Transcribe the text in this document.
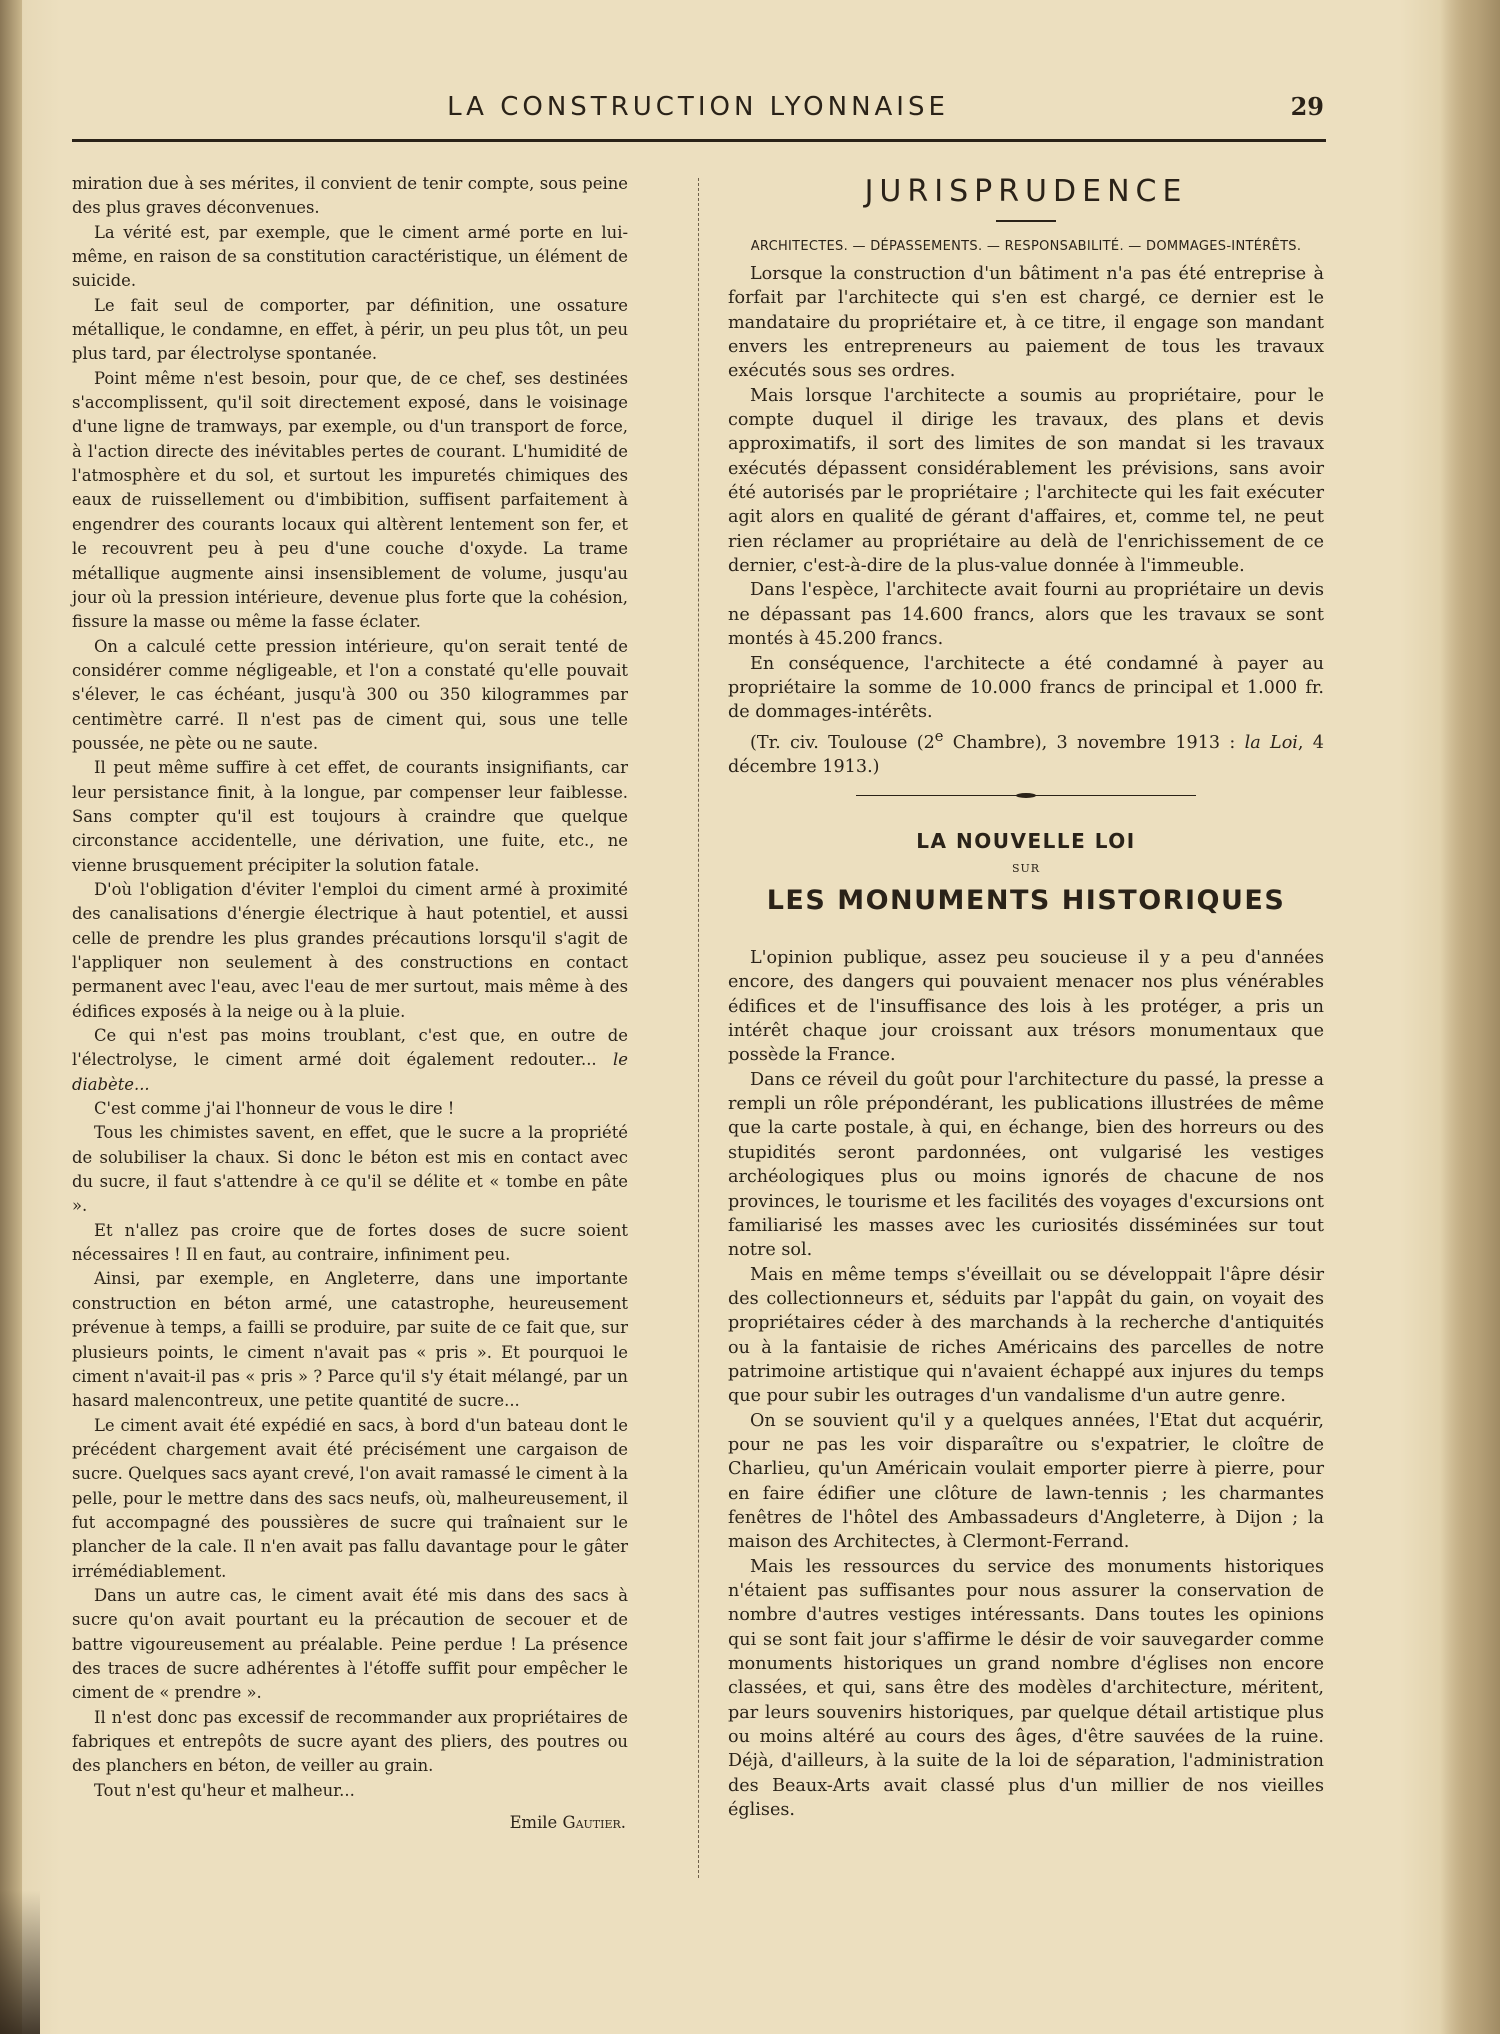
LA CONSTRUCTION LYONNAISE	29

miration due à ses mérites, il convient de tenir compte, sous peine des plus graves déconvenues.

La vérité est, par exemple, que le ciment armé porte en lui-même, en raison de sa constitution caractéristique, un élément de suicide.

Le fait seul de comporter, par définition, une ossature métallique, le condamne, en effet, à périr, un peu plus tôt, un peu plus tard, par électrolyse spontanée.

Point même n'est besoin, pour que, de ce chef, ses destinées s'accomplissent, qu'il soit directement exposé, dans le voisinage d'une ligne de tramways, par exemple, ou d'un transport de force, à l'action directe des inévitables pertes de courant. L'humidité de l'atmosphère et du sol, et surtout les impuretés chimiques des eaux de ruissellement ou d'imbibition, suffisent parfaitement à engendrer des courants locaux qui altèrent lentement son fer, et le recouvrent peu à peu d'une couche d'oxyde. La trame métallique augmente ainsi insensiblement de volume, jusqu'au jour où la pression intérieure, devenue plus forte que la cohésion, fissure la masse ou même la fasse éclater.

On a calculé cette pression intérieure, qu'on serait tenté de considérer comme négligeable, et l'on a constaté qu'elle pouvait s'élever, le cas échéant, jusqu'à 300 ou 350 kilogrammes par centimètre carré. Il n'est pas de ciment qui, sous une telle poussée, ne pète ou ne saute.

Il peut même suffire à cet effet, de courants insignifiants, car leur persistance finit, à la longue, par compenser leur faiblesse. Sans compter qu'il est toujours à craindre que quelque circonstance accidentelle, une dérivation, une fuite, etc., ne vienne brusquement précipiter la solution fatale.

D'où l'obligation d'éviter l'emploi du ciment armé à proximité des canalisations d'énergie électrique à haut potentiel, et aussi celle de prendre les plus grandes précautions lorsqu'il s'agit de l'appliquer non seulement à des constructions en contact permanent avec l'eau, avec l'eau de mer surtout, mais même à des édifices exposés à la neige ou à la pluie.

Ce qui n'est pas moins troublant, c'est que, en outre de l'électrolyse, le ciment armé doit également redouter... le diabète...

C'est comme j'ai l'honneur de vous le dire !

Tous les chimistes savent, en effet, que le sucre a la propriété de solubiliser la chaux. Si donc le béton est mis en contact avec du sucre, il faut s'attendre à ce qu'il se délite et « tombe en pâte ».

Et n'allez pas croire que de fortes doses de sucre soient nécessaires ! Il en faut, au contraire, infiniment peu.

Ainsi, par exemple, en Angleterre, dans une importante construction en béton armé, une catastrophe, heureusement prévenue à temps, a failli se produire, par suite de ce fait que, sur plusieurs points, le ciment n'avait pas « pris ». Et pourquoi le ciment n'avait-il pas « pris » ? Parce qu'il s'y était mélangé, par un hasard malencontreux, une petite quantité de sucre...

Le ciment avait été expédié en sacs, à bord d'un bateau dont le précédent chargement avait été précisément une cargaison de sucre. Quelques sacs ayant crevé, l'on avait ramassé le ciment à la pelle, pour le mettre dans des sacs neufs, où, malheureusement, il fut accompagné des poussières de sucre qui traînaient sur le plancher de la cale. Il n'en avait pas fallu davantage pour le gâter irrémédiablement.

Dans un autre cas, le ciment avait été mis dans des sacs à sucre qu'on avait pourtant eu la précaution de secouer et de battre vigoureusement au préalable. Peine perdue ! La présence des traces de sucre adhérentes à l'étoffe suffit pour empêcher le ciment de « prendre ».

Il n'est donc pas excessif de recommander aux propriétaires de fabriques et entrepôts de sucre ayant des pliers, des poutres ou des planchers en béton, de veiller au grain.

Tout n'est qu'heur et malheur...

Emile Gautier.

JURISPRUDENCE

ARCHITECTES. — DÉPASSEMENTS. — RESPONSABILITÉ. — DOMMAGES-INTÉRÊTS.

Lorsque la construction d'un bâtiment n'a pas été entreprise à forfait par l'architecte qui s'en est chargé, ce dernier est le mandataire du propriétaire et, à ce titre, il engage son mandant envers les entrepreneurs au paiement de tous les travaux exécutés sous ses ordres.

Mais lorsque l'architecte a soumis au propriétaire, pour le compte duquel il dirige les travaux, des plans et devis approximatifs, il sort des limites de son mandat si les travaux exécutés dépassent considérablement les prévisions, sans avoir été autorisés par le propriétaire ; l'architecte qui les fait exécuter agit alors en qualité de gérant d'affaires, et, comme tel, ne peut rien réclamer au propriétaire au delà de l'enrichissement de ce dernier, c'est-à-dire de la plus-value donnée à l'immeuble.

Dans l'espèce, l'architecte avait fourni au propriétaire un devis ne dépassant pas 14.600 francs, alors que les travaux se sont montés à 45.200 francs.

En conséquence, l'architecte a été condamné à payer au propriétaire la somme de 10.000 francs de principal et 1.000 fr. de dommages-intérêts.

(Tr. civ. Toulouse (2e Chambre), 3 novembre 1913 : la Loi, 4 décembre 1913.)

LA NOUVELLE LOI

SUR

LES MONUMENTS HISTORIQUES

L'opinion publique, assez peu soucieuse il y a peu d'années encore, des dangers qui pouvaient menacer nos plus vénérables édifices et de l'insuffisance des lois à les protéger, a pris un intérêt chaque jour croissant aux trésors monumentaux que possède la France.

Dans ce réveil du goût pour l'architecture du passé, la presse a rempli un rôle prépondérant, les publications illustrées de même que la carte postale, à qui, en échange, bien des horreurs ou des stupidités seront pardonnées, ont vulgarisé les vestiges archéologiques plus ou moins ignorés de chacune de nos provinces, le tourisme et les facilités des voyages d'excursions ont familiarisé les masses avec les curiosités disséminées sur tout notre sol.

Mais en même temps s'éveillait ou se développait l'âpre désir des collectionneurs et, séduits par l'appât du gain, on voyait des propriétaires céder à des marchands à la recherche d'antiquités ou à la fantaisie de riches Américains des parcelles de notre patrimoine artistique qui n'avaient échappé aux injures du temps que pour subir les outrages d'un vandalisme d'un autre genre.

On se souvient qu'il y a quelques années, l'Etat dut acquérir, pour ne pas les voir disparaître ou s'expatrier, le cloître de Charlieu, qu'un Américain voulait emporter pierre à pierre, pour en faire édifier une clôture de lawn-tennis ; les charmantes fenêtres de l'hôtel des Ambassadeurs d'Angleterre, à Dijon ; la maison des Architectes, à Clermont-Ferrand.

Mais les ressources du service des monuments historiques n'étaient pas suffisantes pour nous assurer la conservation de nombre d'autres vestiges intéressants. Dans toutes les opinions qui se sont fait jour s'affirme le désir de voir sauvegarder comme monuments historiques un grand nombre d'églises non encore classées, et qui, sans être des modèles d'architecture, méritent, par leurs souvenirs historiques, par quelque détail artistique plus ou moins altéré au cours des âges, d'être sauvées de la ruine. Déjà, d'ailleurs, à la suite de la loi de séparation, l'administration des Beaux-Arts avait classé plus d'un millier de nos vieilles églises.
